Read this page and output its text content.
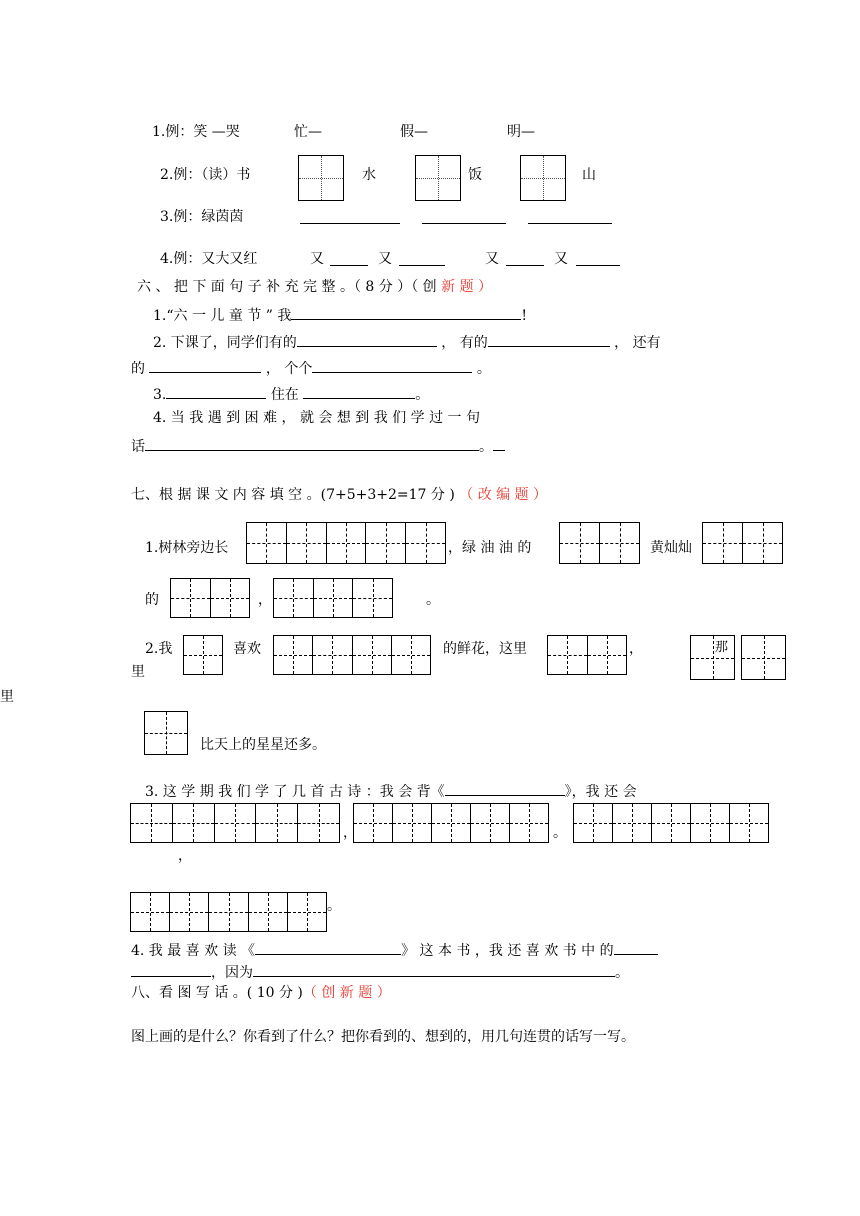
1.例：笑 —哭	忙—	假—	明—
2.例：（读）书	水	饭	山
3.例：绿茵茵
4.例：又大又红	又	又	又	又
六 、 把 下 面 句 子 补 充 完 整 。（ 8 分 ）（ 创 新 题 ）
1.“六 一 儿 童 节 ” 我	!
2. 下课了，同学们有的	， 有的	， 还有
的	， 个个	。
3.	住在	。
4. 当 我 遇 到 困 难 ， 就 会 想 到 我 们 学 过 一 句
话	。
七、根 据 课 文 内 容 填 空 。(7+5+3+2=17 分 ) （ 改 编 题 ）
1.树林旁边长	，绿 油 油 的	黄灿灿
的	，	。
2.我
里
喜欢	的鲜花，这里	，	那
里
比天上的星星还多。
3. 这 学 期 我 们 学 了 几 首 古 诗 ：我 会 背《	》，我 还 会
，	。
，
。
4. 我 最 喜 欢 读 《	》 这 本 书 ，我 还 喜 欢 书 中 的
，因为	。
八、看 图 写 话 。( 10 分 )（ 创 新 题 ）
图上画的是什么？你看到了什么？把你看到的、想到的，用几句连贯的话写一写。
